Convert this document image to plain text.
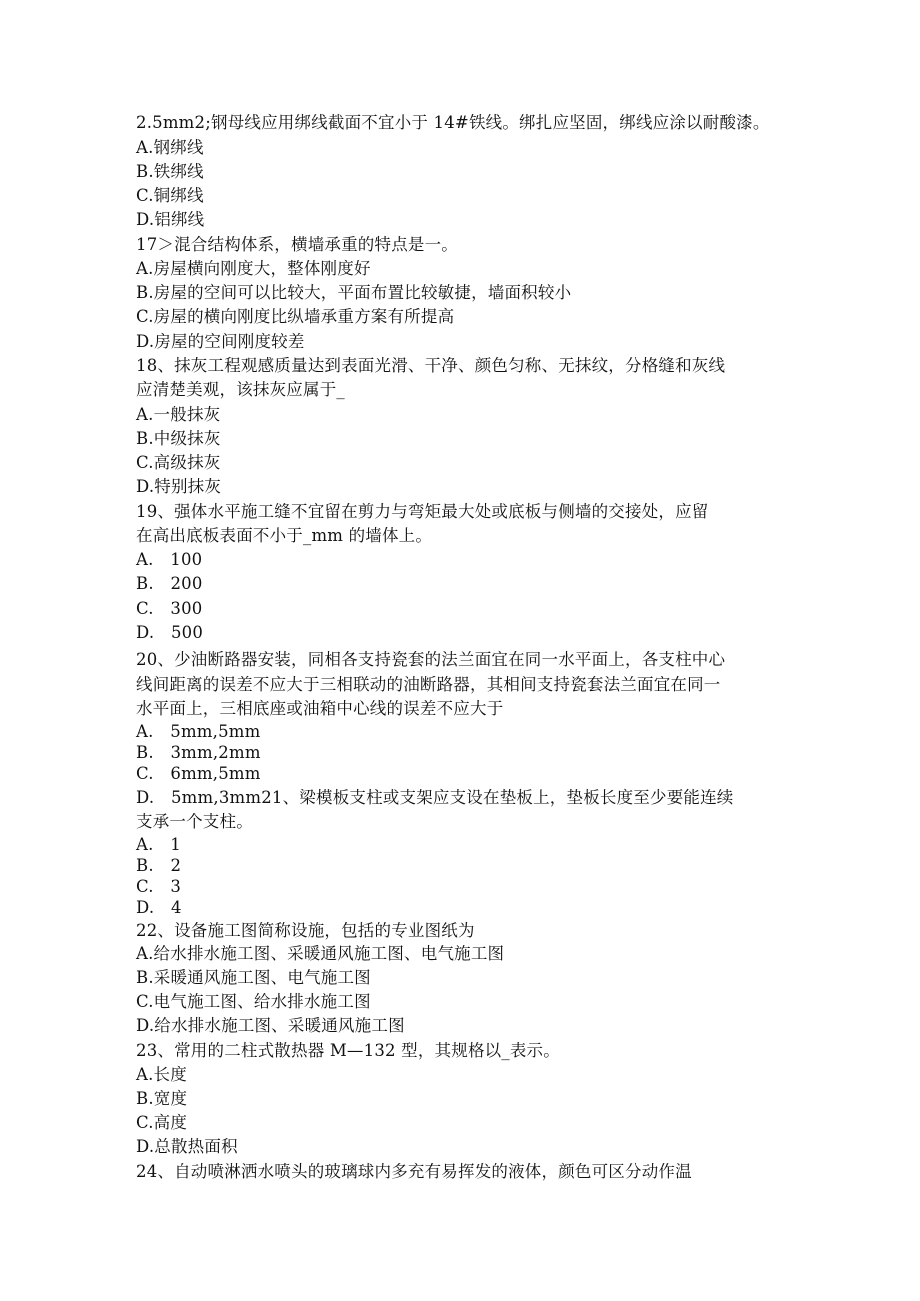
2.5mm2;钢母线应用绑线截面不宜小于 14#铁线。绑扎应坚固，绑线应涂以耐酸漆。
A.钢绑线
B.铁绑线
C.铜绑线
D.铝绑线
17＞混合结构体系，横墙承重的特点是一。
A.房屋横向刚度大，整体刚度好
B.房屋的空间可以比较大，平面布置比较敏捷，墙面积较小
C.房屋的横向刚度比纵墙承重方案有所提高
D.房屋的空间刚度较差
18、抹灰工程观感质量达到表面光滑、干净、颜色匀称、无抹纹，分格缝和灰线
应清楚美观，该抹灰应属于_
A.一般抹灰
B.中级抹灰
C.高级抹灰
D.特别抹灰
19、强体水平施工缝不宜留在剪力与弯矩最大处或底板与侧墙的交接处，应留
在高出底板表面不小于_mm 的墙体上。
A.　100
B.　200
C.　300
D.　500
20、少油断路器安装，同相各支持瓷套的法兰面宜在同一水平面上，各支柱中心
线间距离的误差不应大于三相联动的油断路器，其相间支持瓷套法兰面宜在同一
水平面上，三相底座或油箱中心线的误差不应大于
A.　5mm,5mm
B.　3mm,2mm
C.　6mm,5mm
D.　5mm,3mm21、梁模板支柱或支架应支设在垫板上，垫板长度至少要能连续
支承一个支柱。
A.　1
B.　2
C.　3
D.　4
22、设备施工图简称设施，包括的专业图纸为
A.给水排水施工图、采暖通风施工图、电气施工图
B.采暖通风施工图、电气施工图
C.电气施工图、给水排水施工图
D.给水排水施工图、采暖通风施工图
23、常用的二柱式散热器 M—132 型，其规格以_表示。
A.长度
B.宽度
C.高度
D.总散热面积
24、自动喷淋洒水喷头的玻璃球内多充有易挥发的液体，颜色可区分动作温
